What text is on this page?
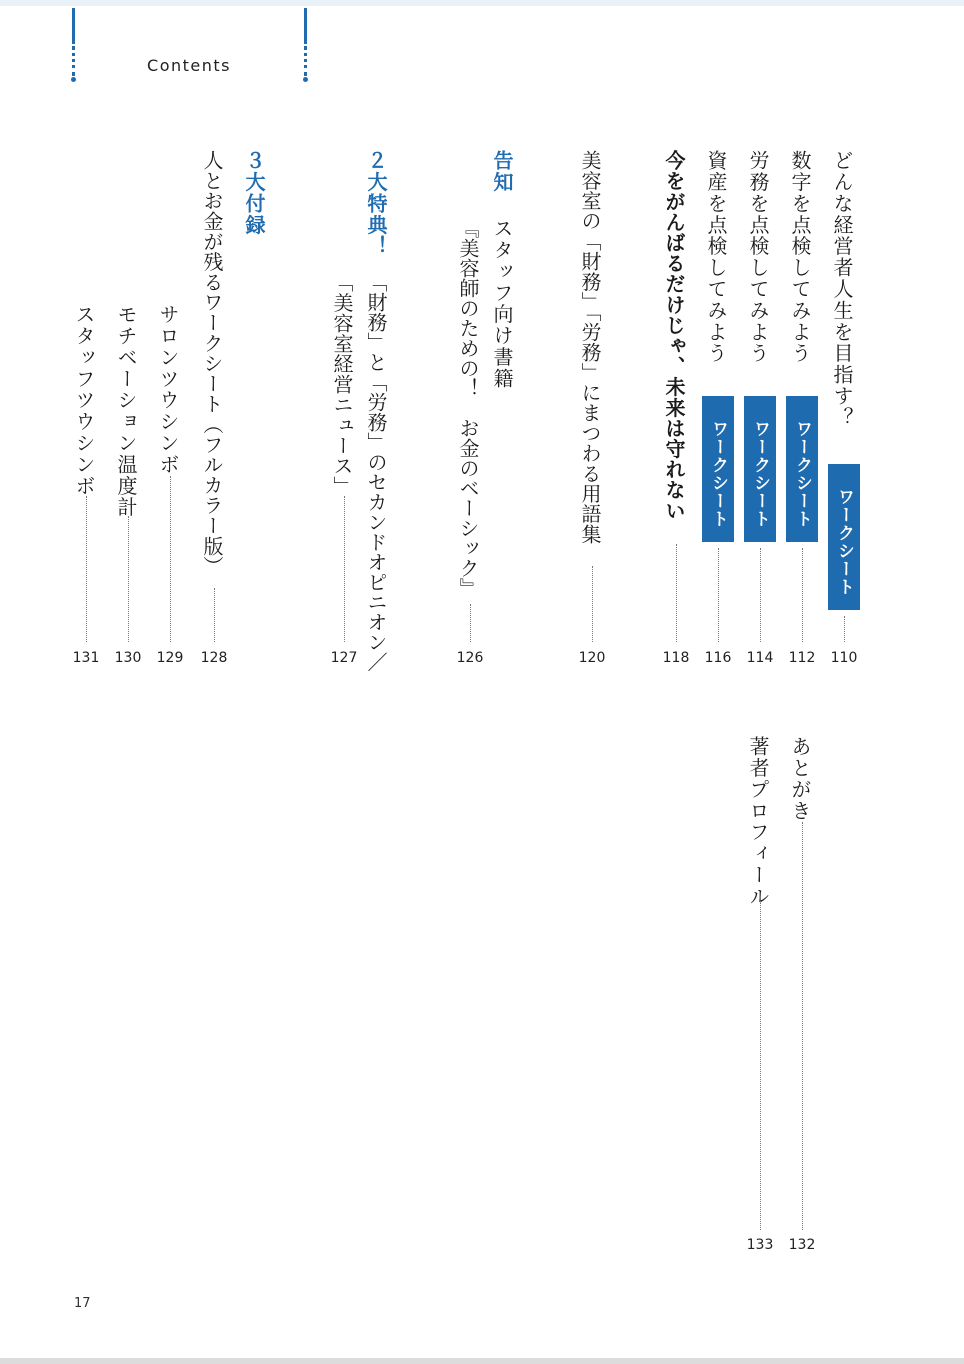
Contents
どんな経営者人生を目指す？
ワークシート
110
数字を点検してみよう
ワークシート
112
労務を点検してみよう
ワークシート
114
資産を点検してみよう
ワークシート
116
今をがんばるだけじゃ、未来は守れない
118
美容室の「財務」「労務」にまつわる用語集
120
告知
スタッフ向け書籍
『美容師のための！　お金のベーシック』
126
２大特典！
「財務」と「労務」のセカンドオピニオン／
「美容室経営ニュース」
127
３大付録
人とお金が残るワークシート（フルカラー版）
128
サロンツウシンボ
129
モチベーション温度計
130
スタッフツウシンボ
131
あとがき
132
著者プロフィール
133
17
